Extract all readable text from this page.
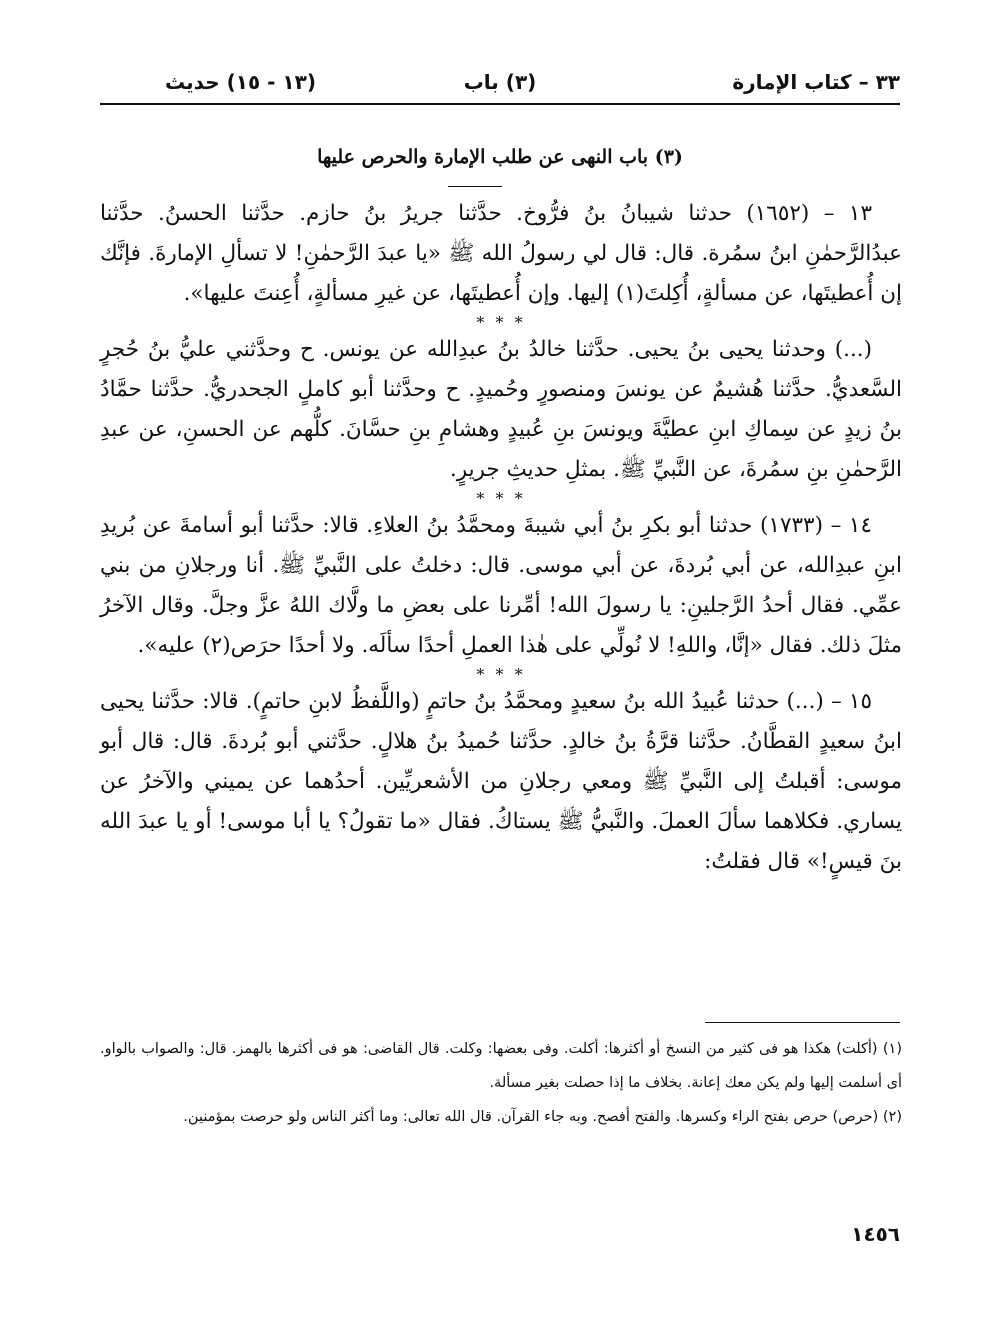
٣٣ – كتاب الإمارة
(٣) باب
(١٣ - ١٥) حديث
(٣) باب النهى عن طلب الإمارة والحرص عليها

١٣ – (١٦٥٢) حدثنا شيبانُ بنُ فرُّوخ. حدَّثنا جريرُ بنُ حازم. حدَّثنا الحسنُ. حدَّثنا عبدُالرَّحمٰنِ ابنُ سمُرة. قال: قال لي رسولُ الله ﷺ «يا عبدَ الرَّحمٰنِ! لا تسألِ الإمارةَ. فإنَّك إن أُعطيتَها، عن مسألةٍ، أُكِلتَ(١) إليها. وإن أُعطيتَها، عن غيرِ مسألةٍ، أُعِنتَ عليها».

* * *

(...) وحدثنا يحيى بنُ يحيى. حدَّثنا خالدُ بنُ عبدِالله عن يونس. ح وحدَّثني عليُّ بنُ حُجرٍ السَّعديُّ. حدَّثنا هُشيمٌ عن يونسَ ومنصورٍ وحُميدٍ. ح وحدَّثنا أبو كاملٍ الجحدريُّ. حدَّثنا حمَّادُ بنُ زيدٍ عن سِماكِ ابنِ عطيَّةَ ويونسَ بنِ عُبيدٍ وهشامِ بنِ حسَّانَ. كلُّهم عن الحسنِ، عن عبدِ الرَّحمٰنِ بنِ سمُرةَ، عن النَّبيِّ ﷺ. بمثلِ حديثِ جريرٍ.

* * *

١٤ – (١٧٣٣) حدثنا أبو بكرِ بنُ أبي شيبةَ ومحمَّدُ بنُ العلاءِ. قالا: حدَّثنا أبو أسامةَ عن بُريدِ ابنِ عبدِالله، عن أبي بُردةَ، عن أبي موسى. قال: دخلتُ على النَّبيِّ ﷺ. أنا ورجلانِ من بني عمِّي. فقال أحدُ الرَّجلينِ: يا رسولَ الله! أمِّرنا على بعضِ ما ولَّاك اللهُ عزَّ وجلَّ. وقال الآخرُ مثلَ ذلك. فقال «إنَّا، واللهِ! لا نُولِّي على هٰذا العملِ أحدًا سألَه. ولا أحدًا حرَص(٢) عليه».

* * *

١٥ – (...) حدثنا عُبيدُ الله بنُ سعيدٍ ومحمَّدُ بنُ حاتمٍ (واللَّفظُ لابنِ حاتمٍ). قالا: حدَّثنا يحيى ابنُ سعيدٍ القطَّانُ. حدَّثنا قرَّةُ بنُ خالدٍ. حدَّثنا حُميدُ بنُ هلالٍ. حدَّثني أبو بُردةَ. قال: قال أبو موسى: أقبلتُ إلى النَّبيِّ ﷺ ومعي رجلانِ من الأشعريِّين. أحدُهما عن يميني والآخرُ عن يساري. فكلاهما سألَ العملَ. والنَّبيُّ ﷺ يستاكُ. فقال «ما تقولُ؟ يا أبا موسى! أو يا عبدَ الله بنَ قيسٍ!» قال فقلتُ:

(١) (أكلت) هكذا هو فى كثير من النسخ أو أكثرها: أكلت. وفى بعضها: وكلت. قال القاضى: هو فى أكثرها بالهمز. قال: والصواب بالواو. أى أسلمت إليها ولم يكن معك إعانة. بخلاف ما إذا حصلت بغير مسألة.

(٢) (حرص) حرص بفتح الراء وكسرها. والفتح أفصح. وبه جاء القرآن. قال الله تعالى: وما أكثر الناس ولو حرصت بمؤمنين.

١٤٥٦
